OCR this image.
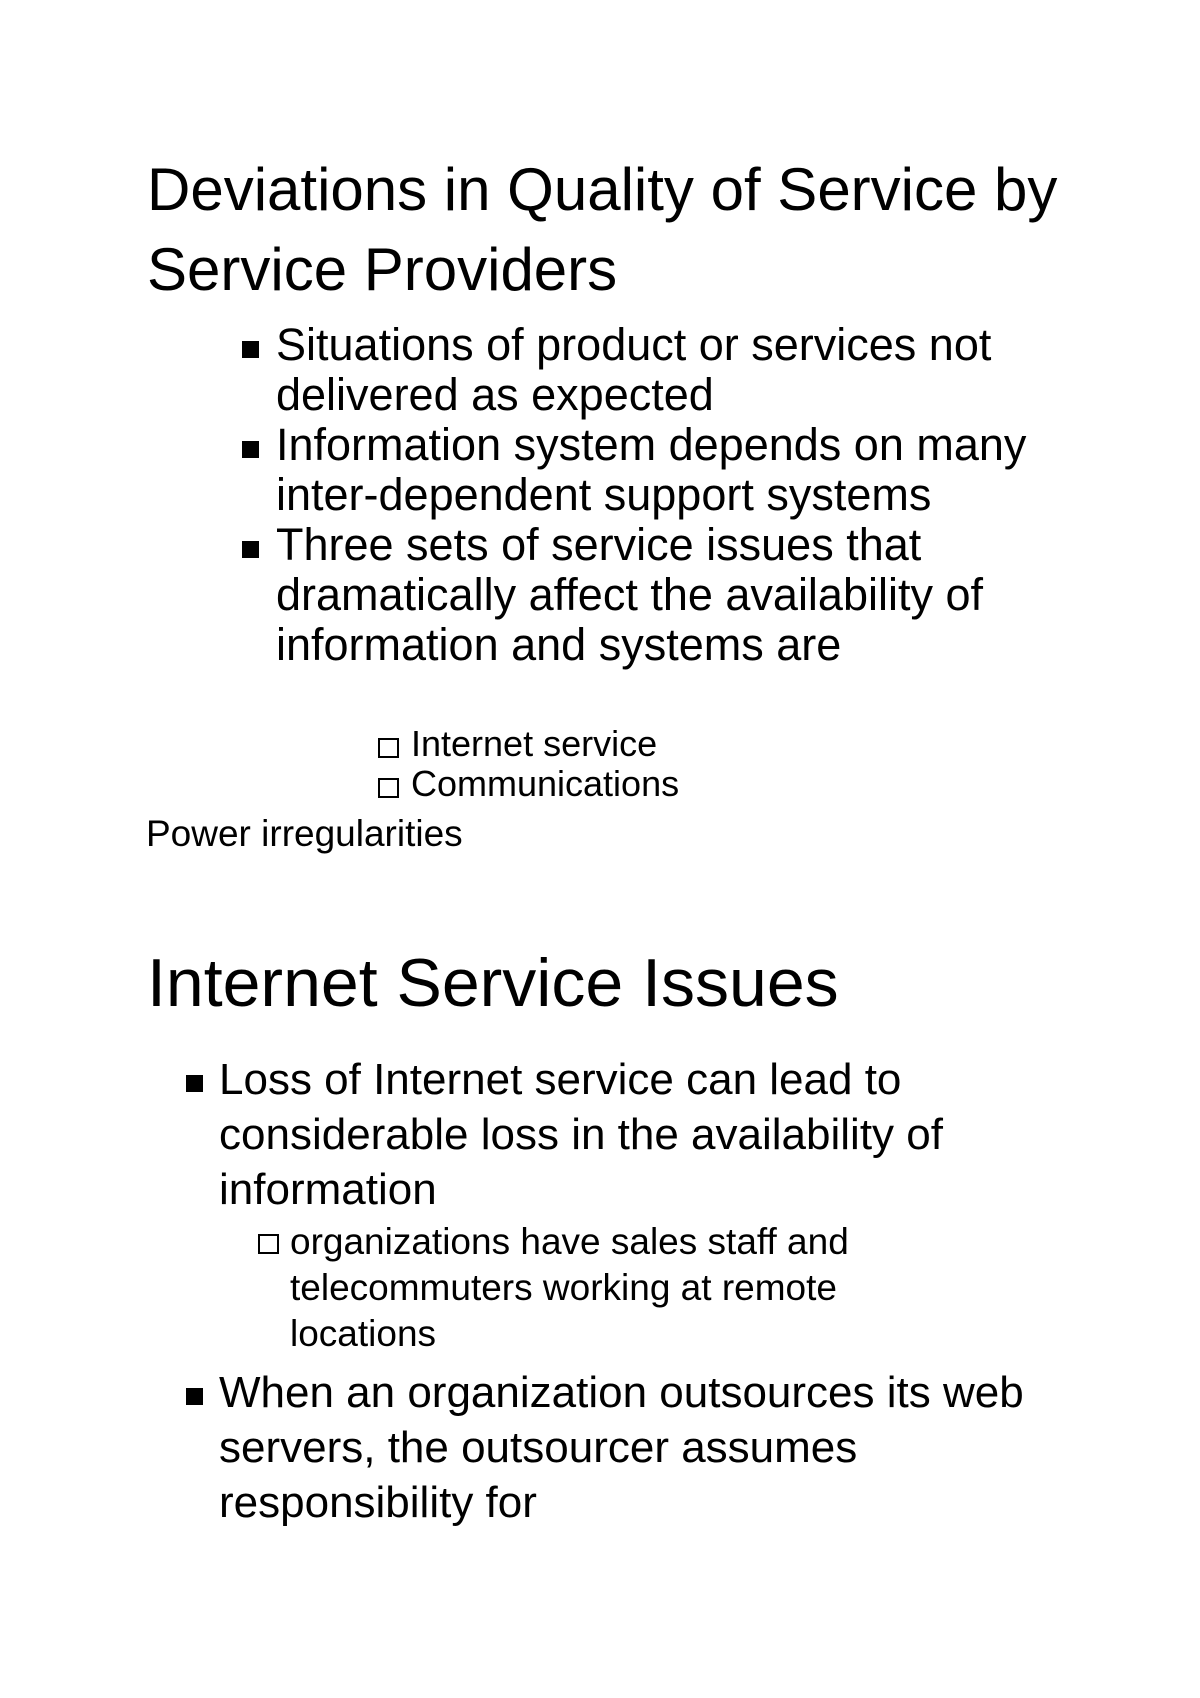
Deviations in Quality of Service by Service Providers
Situations of product or services not delivered as expected
Information system depends on many inter-dependent support systems
Three sets of service issues that dramatically affect the availability of information and systems are
Internet service
Communications
Power irregularities
Internet Service Issues
Loss of Internet service can lead to considerable loss in the availability of information
organizations have sales staff and telecommuters working at remote locations
When an organization outsources its web servers, the outsourcer assumes responsibility for
